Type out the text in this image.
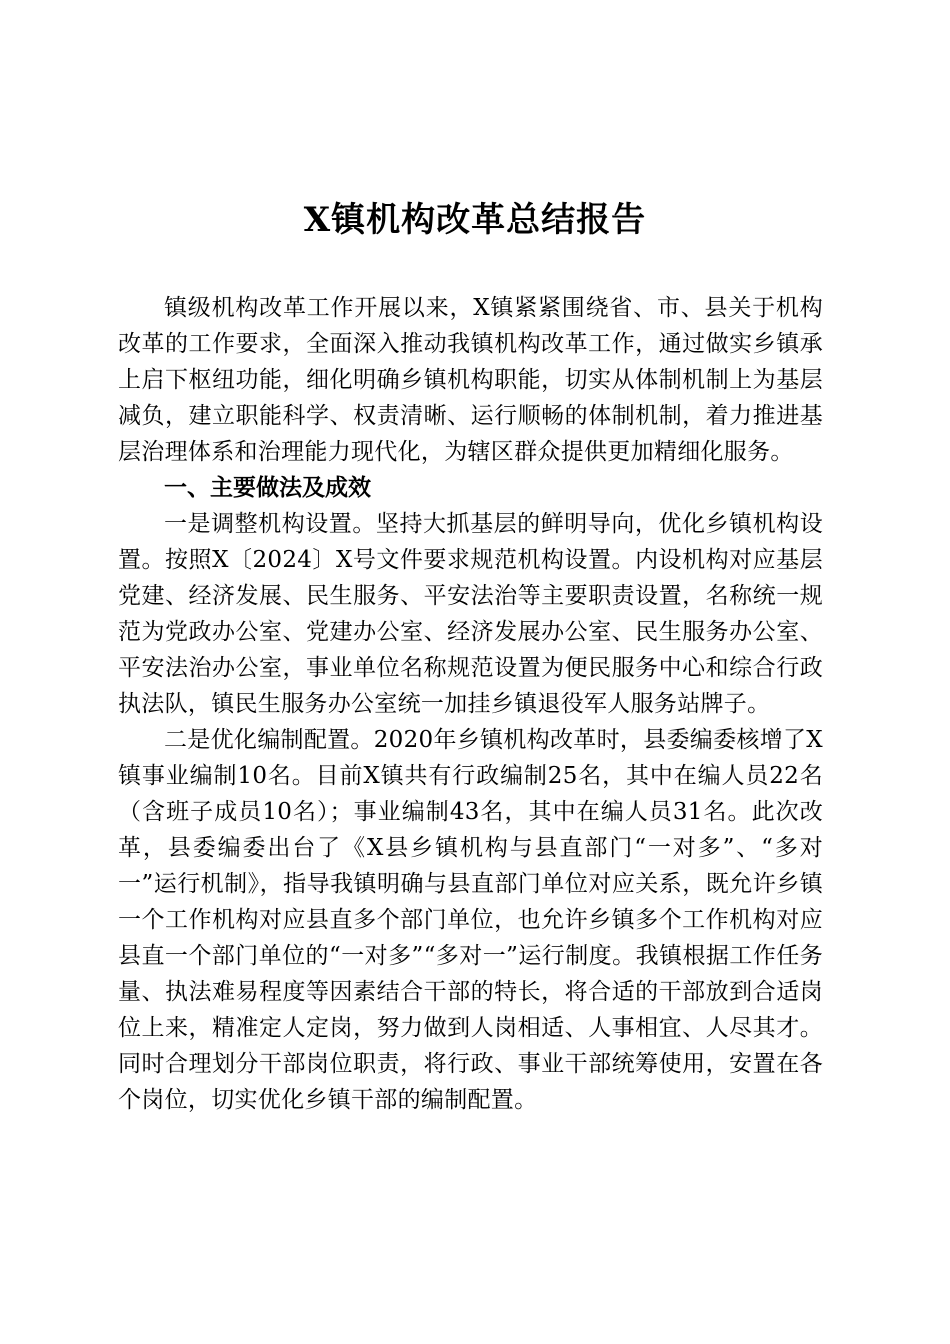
X镇机构改革总结报告

镇级机构改革工作开展以来，X镇紧紧围绕省、市、县关于机构改革的工作要求，全面深入推动我镇机构改革工作，通过做实乡镇承上启下枢纽功能，细化明确乡镇机构职能，切实从体制机制上为基层减负，建立职能科学、权责清晰、运行顺畅的体制机制，着力推进基层治理体系和治理能力现代化，为辖区群众提供更加精细化服务。

一、主要做法及成效

一是调整机构设置。坚持大抓基层的鲜明导向，优化乡镇机构设置。按照X〔2024〕X号文件要求规范机构设置。内设机构对应基层党建、经济发展、民生服务、平安法治等主要职责设置，名称统一规范为党政办公室、党建办公室、经济发展办公室、民生服务办公室、平安法治办公室，事业单位名称规范设置为便民服务中心和综合行政执法队，镇民生服务办公室统一加挂乡镇退役军人服务站牌子。

二是优化编制配置。2020年乡镇机构改革时，县委编委核增了X镇事业编制10名。目前X镇共有行政编制25名，其中在编人员22名（含班子成员10名）；事业编制43名，其中在编人员31名。此次改革，县委编委出台了《X县乡镇机构与县直部门“一对多”、“多对一”运行机制》，指导我镇明确与县直部门单位对应关系，既允许乡镇一个工作机构对应县直多个部门单位，也允许乡镇多个工作机构对应县直一个部门单位的“一对多”“多对一”运行制度。我镇根据工作任务量、执法难易程度等因素结合干部的特长，将合适的干部放到合适岗位上来，精准定人定岗，努力做到人岗相适、人事相宜、人尽其才。同时合理划分干部岗位职责，将行政、事业干部统筹使用，安置在各个岗位，切实优化乡镇干部的编制配置。
